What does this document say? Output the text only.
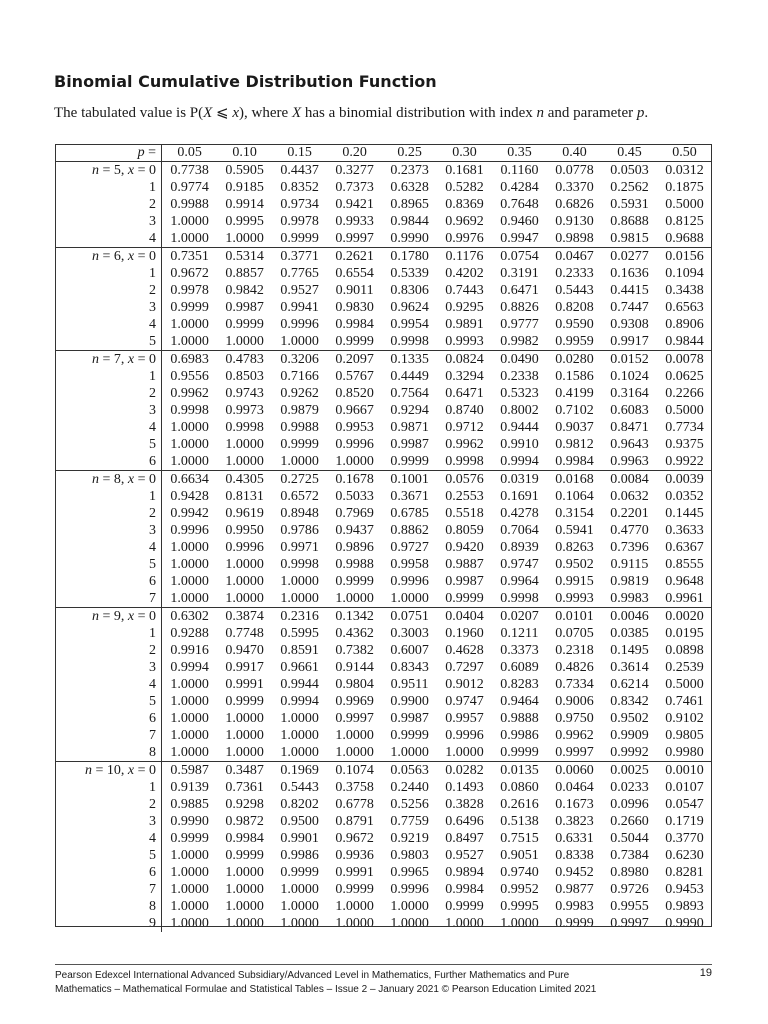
Binomial Cumulative Distribution Function
The tabulated value is P(X ⩽ x), where X has a binomial distribution with index n and parameter p.
p =	0.05	0.10	0.15	0.20	0.25	0.30	0.35	0.40	0.45	0.50
n = 5, x = 0	0.7738	0.5905	0.4437	0.3277	0.2373	0.1681	0.1160	0.0778	0.0503	0.0312
1	0.9774	0.9185	0.8352	0.7373	0.6328	0.5282	0.4284	0.3370	0.2562	0.1875
2	0.9988	0.9914	0.9734	0.9421	0.8965	0.8369	0.7648	0.6826	0.5931	0.5000
3	1.0000	0.9995	0.9978	0.9933	0.9844	0.9692	0.9460	0.9130	0.8688	0.8125
4	1.0000	1.0000	0.9999	0.9997	0.9990	0.9976	0.9947	0.9898	0.9815	0.9688
n = 6, x = 0	0.7351	0.5314	0.3771	0.2621	0.1780	0.1176	0.0754	0.0467	0.0277	0.0156
1	0.9672	0.8857	0.7765	0.6554	0.5339	0.4202	0.3191	0.2333	0.1636	0.1094
2	0.9978	0.9842	0.9527	0.9011	0.8306	0.7443	0.6471	0.5443	0.4415	0.3438
3	0.9999	0.9987	0.9941	0.9830	0.9624	0.9295	0.8826	0.8208	0.7447	0.6563
4	1.0000	0.9999	0.9996	0.9984	0.9954	0.9891	0.9777	0.9590	0.9308	0.8906
5	1.0000	1.0000	1.0000	0.9999	0.9998	0.9993	0.9982	0.9959	0.9917	0.9844
n = 7, x = 0	0.6983	0.4783	0.3206	0.2097	0.1335	0.0824	0.0490	0.0280	0.0152	0.0078
1	0.9556	0.8503	0.7166	0.5767	0.4449	0.3294	0.2338	0.1586	0.1024	0.0625
2	0.9962	0.9743	0.9262	0.8520	0.7564	0.6471	0.5323	0.4199	0.3164	0.2266
3	0.9998	0.9973	0.9879	0.9667	0.9294	0.8740	0.8002	0.7102	0.6083	0.5000
4	1.0000	0.9998	0.9988	0.9953	0.9871	0.9712	0.9444	0.9037	0.8471	0.7734
5	1.0000	1.0000	0.9999	0.9996	0.9987	0.9962	0.9910	0.9812	0.9643	0.9375
6	1.0000	1.0000	1.0000	1.0000	0.9999	0.9998	0.9994	0.9984	0.9963	0.9922
n = 8, x = 0	0.6634	0.4305	0.2725	0.1678	0.1001	0.0576	0.0319	0.0168	0.0084	0.0039
1	0.9428	0.8131	0.6572	0.5033	0.3671	0.2553	0.1691	0.1064	0.0632	0.0352
2	0.9942	0.9619	0.8948	0.7969	0.6785	0.5518	0.4278	0.3154	0.2201	0.1445
3	0.9996	0.9950	0.9786	0.9437	0.8862	0.8059	0.7064	0.5941	0.4770	0.3633
4	1.0000	0.9996	0.9971	0.9896	0.9727	0.9420	0.8939	0.8263	0.7396	0.6367
5	1.0000	1.0000	0.9998	0.9988	0.9958	0.9887	0.9747	0.9502	0.9115	0.8555
6	1.0000	1.0000	1.0000	0.9999	0.9996	0.9987	0.9964	0.9915	0.9819	0.9648
7	1.0000	1.0000	1.0000	1.0000	1.0000	0.9999	0.9998	0.9993	0.9983	0.9961
n = 9, x = 0	0.6302	0.3874	0.2316	0.1342	0.0751	0.0404	0.0207	0.0101	0.0046	0.0020
1	0.9288	0.7748	0.5995	0.4362	0.3003	0.1960	0.1211	0.0705	0.0385	0.0195
2	0.9916	0.9470	0.8591	0.7382	0.6007	0.4628	0.3373	0.2318	0.1495	0.0898
3	0.9994	0.9917	0.9661	0.9144	0.8343	0.7297	0.6089	0.4826	0.3614	0.2539
4	1.0000	0.9991	0.9944	0.9804	0.9511	0.9012	0.8283	0.7334	0.6214	0.5000
5	1.0000	0.9999	0.9994	0.9969	0.9900	0.9747	0.9464	0.9006	0.8342	0.7461
6	1.0000	1.0000	1.0000	0.9997	0.9987	0.9957	0.9888	0.9750	0.9502	0.9102
7	1.0000	1.0000	1.0000	1.0000	0.9999	0.9996	0.9986	0.9962	0.9909	0.9805
8	1.0000	1.0000	1.0000	1.0000	1.0000	1.0000	0.9999	0.9997	0.9992	0.9980
n = 10, x = 0	0.5987	0.3487	0.1969	0.1074	0.0563	0.0282	0.0135	0.0060	0.0025	0.0010
1	0.9139	0.7361	0.5443	0.3758	0.2440	0.1493	0.0860	0.0464	0.0233	0.0107
2	0.9885	0.9298	0.8202	0.6778	0.5256	0.3828	0.2616	0.1673	0.0996	0.0547
3	0.9990	0.9872	0.9500	0.8791	0.7759	0.6496	0.5138	0.3823	0.2660	0.1719
4	0.9999	0.9984	0.9901	0.9672	0.9219	0.8497	0.7515	0.6331	0.5044	0.3770
5	1.0000	0.9999	0.9986	0.9936	0.9803	0.9527	0.9051	0.8338	0.7384	0.6230
6	1.0000	1.0000	0.9999	0.9991	0.9965	0.9894	0.9740	0.9452	0.8980	0.8281
7	1.0000	1.0000	1.0000	0.9999	0.9996	0.9984	0.9952	0.9877	0.9726	0.9453
8	1.0000	1.0000	1.0000	1.0000	1.0000	0.9999	0.9995	0.9983	0.9955	0.9893
9	1.0000	1.0000	1.0000	1.0000	1.0000	1.0000	1.0000	0.9999	0.9997	0.9990
Pearson Edexcel International Advanced Subsidiary/Advanced Level in Mathematics, Further Mathematics and Pure
Mathematics – Mathematical Formulae and Statistical Tables – Issue 2 – January 2021 © Pearson Education Limited 2021
19
